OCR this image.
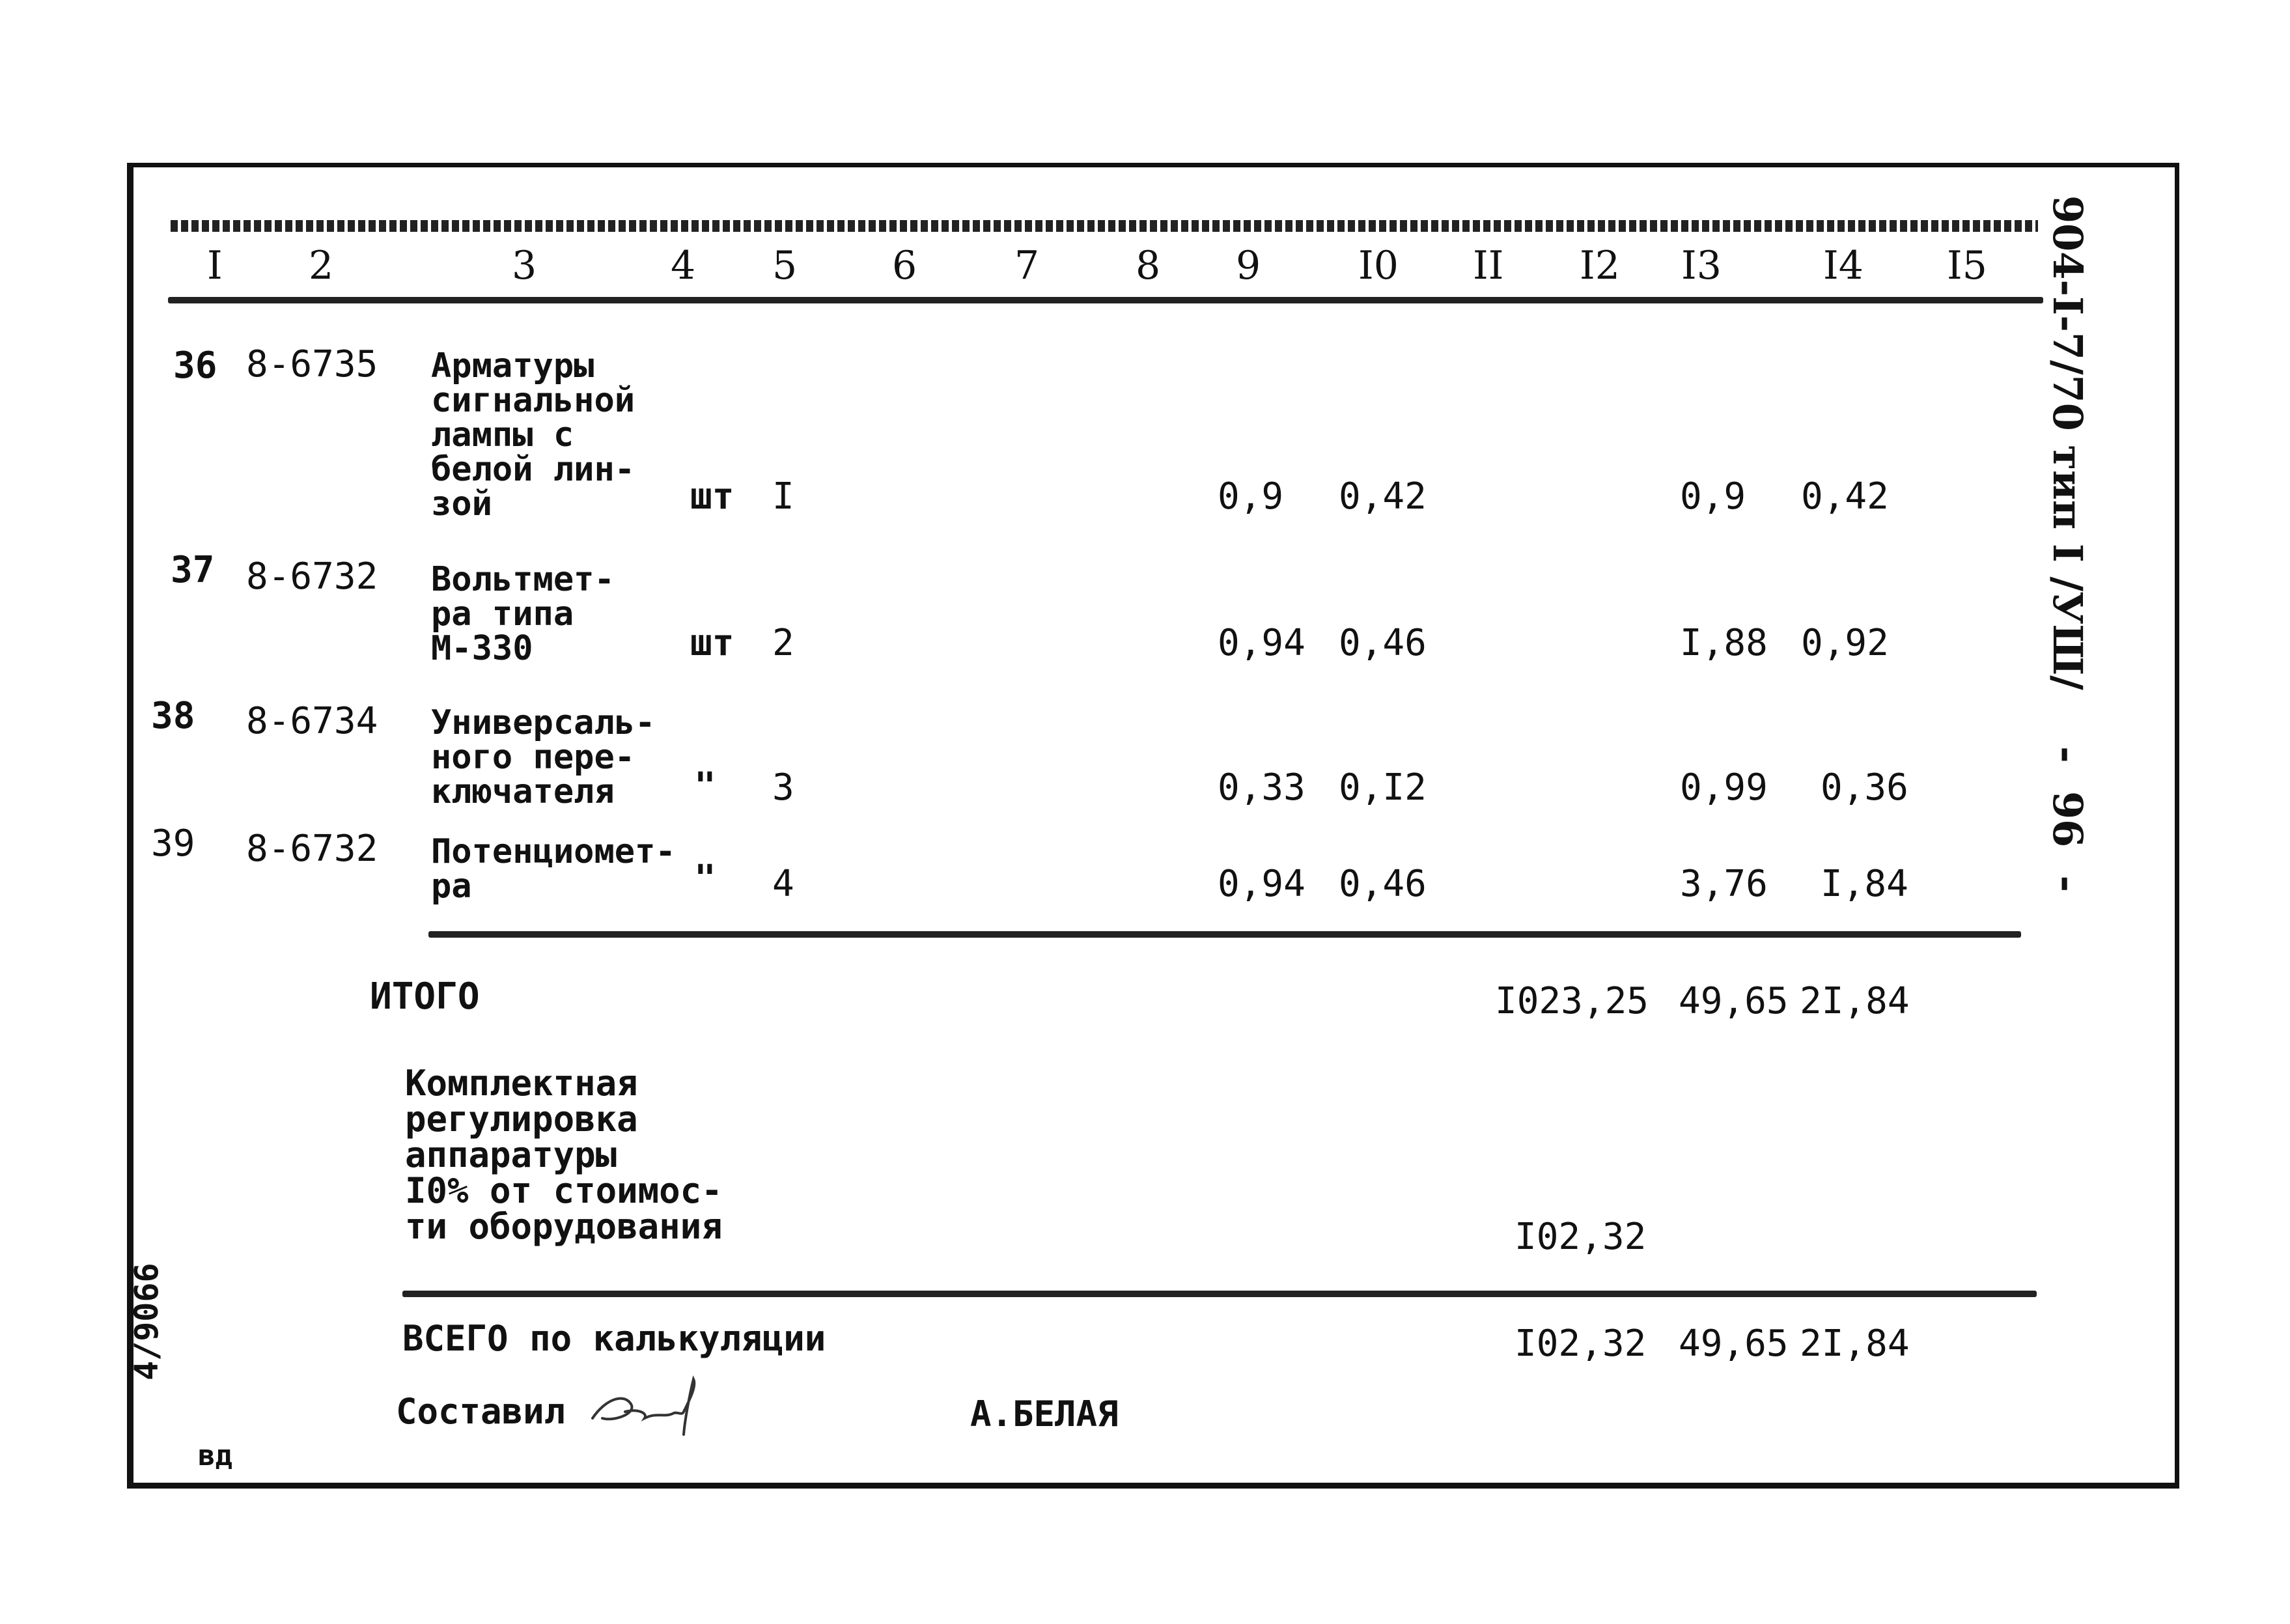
I 2	3	4 5 6 7 8 9 I0 II I2 I3	I4 I5
36 8-6735 Арматуры
сигнальной
лампы с
белой лин-
зой	шт I	0,9 0,42	0,9 0,42
37 8-6732 Вольтмет-
ра типа
М-330	шт 2	0,94 0,46	I,88 0,92
38 8-6734 Универсаль-
ного пере-
ключателя	" 3	0,33 0,I2	0,99 0,36
39 8-6732 Потенциомет-
ра	" 4	0,94 0,46	3,76 I,84
ИТОГО	I023,25 49,65 2I,84
Комплектная
регулировка
аппаратуры
I0% от стоимос-
ти оборудования	I02,32
ВСЕГО по калькуляции	I02,32 49,65 2I,84
Составил	А.БЕЛАЯ
вд
4/9066
904-I-7/70 тип I /УШ/    -  96  -
